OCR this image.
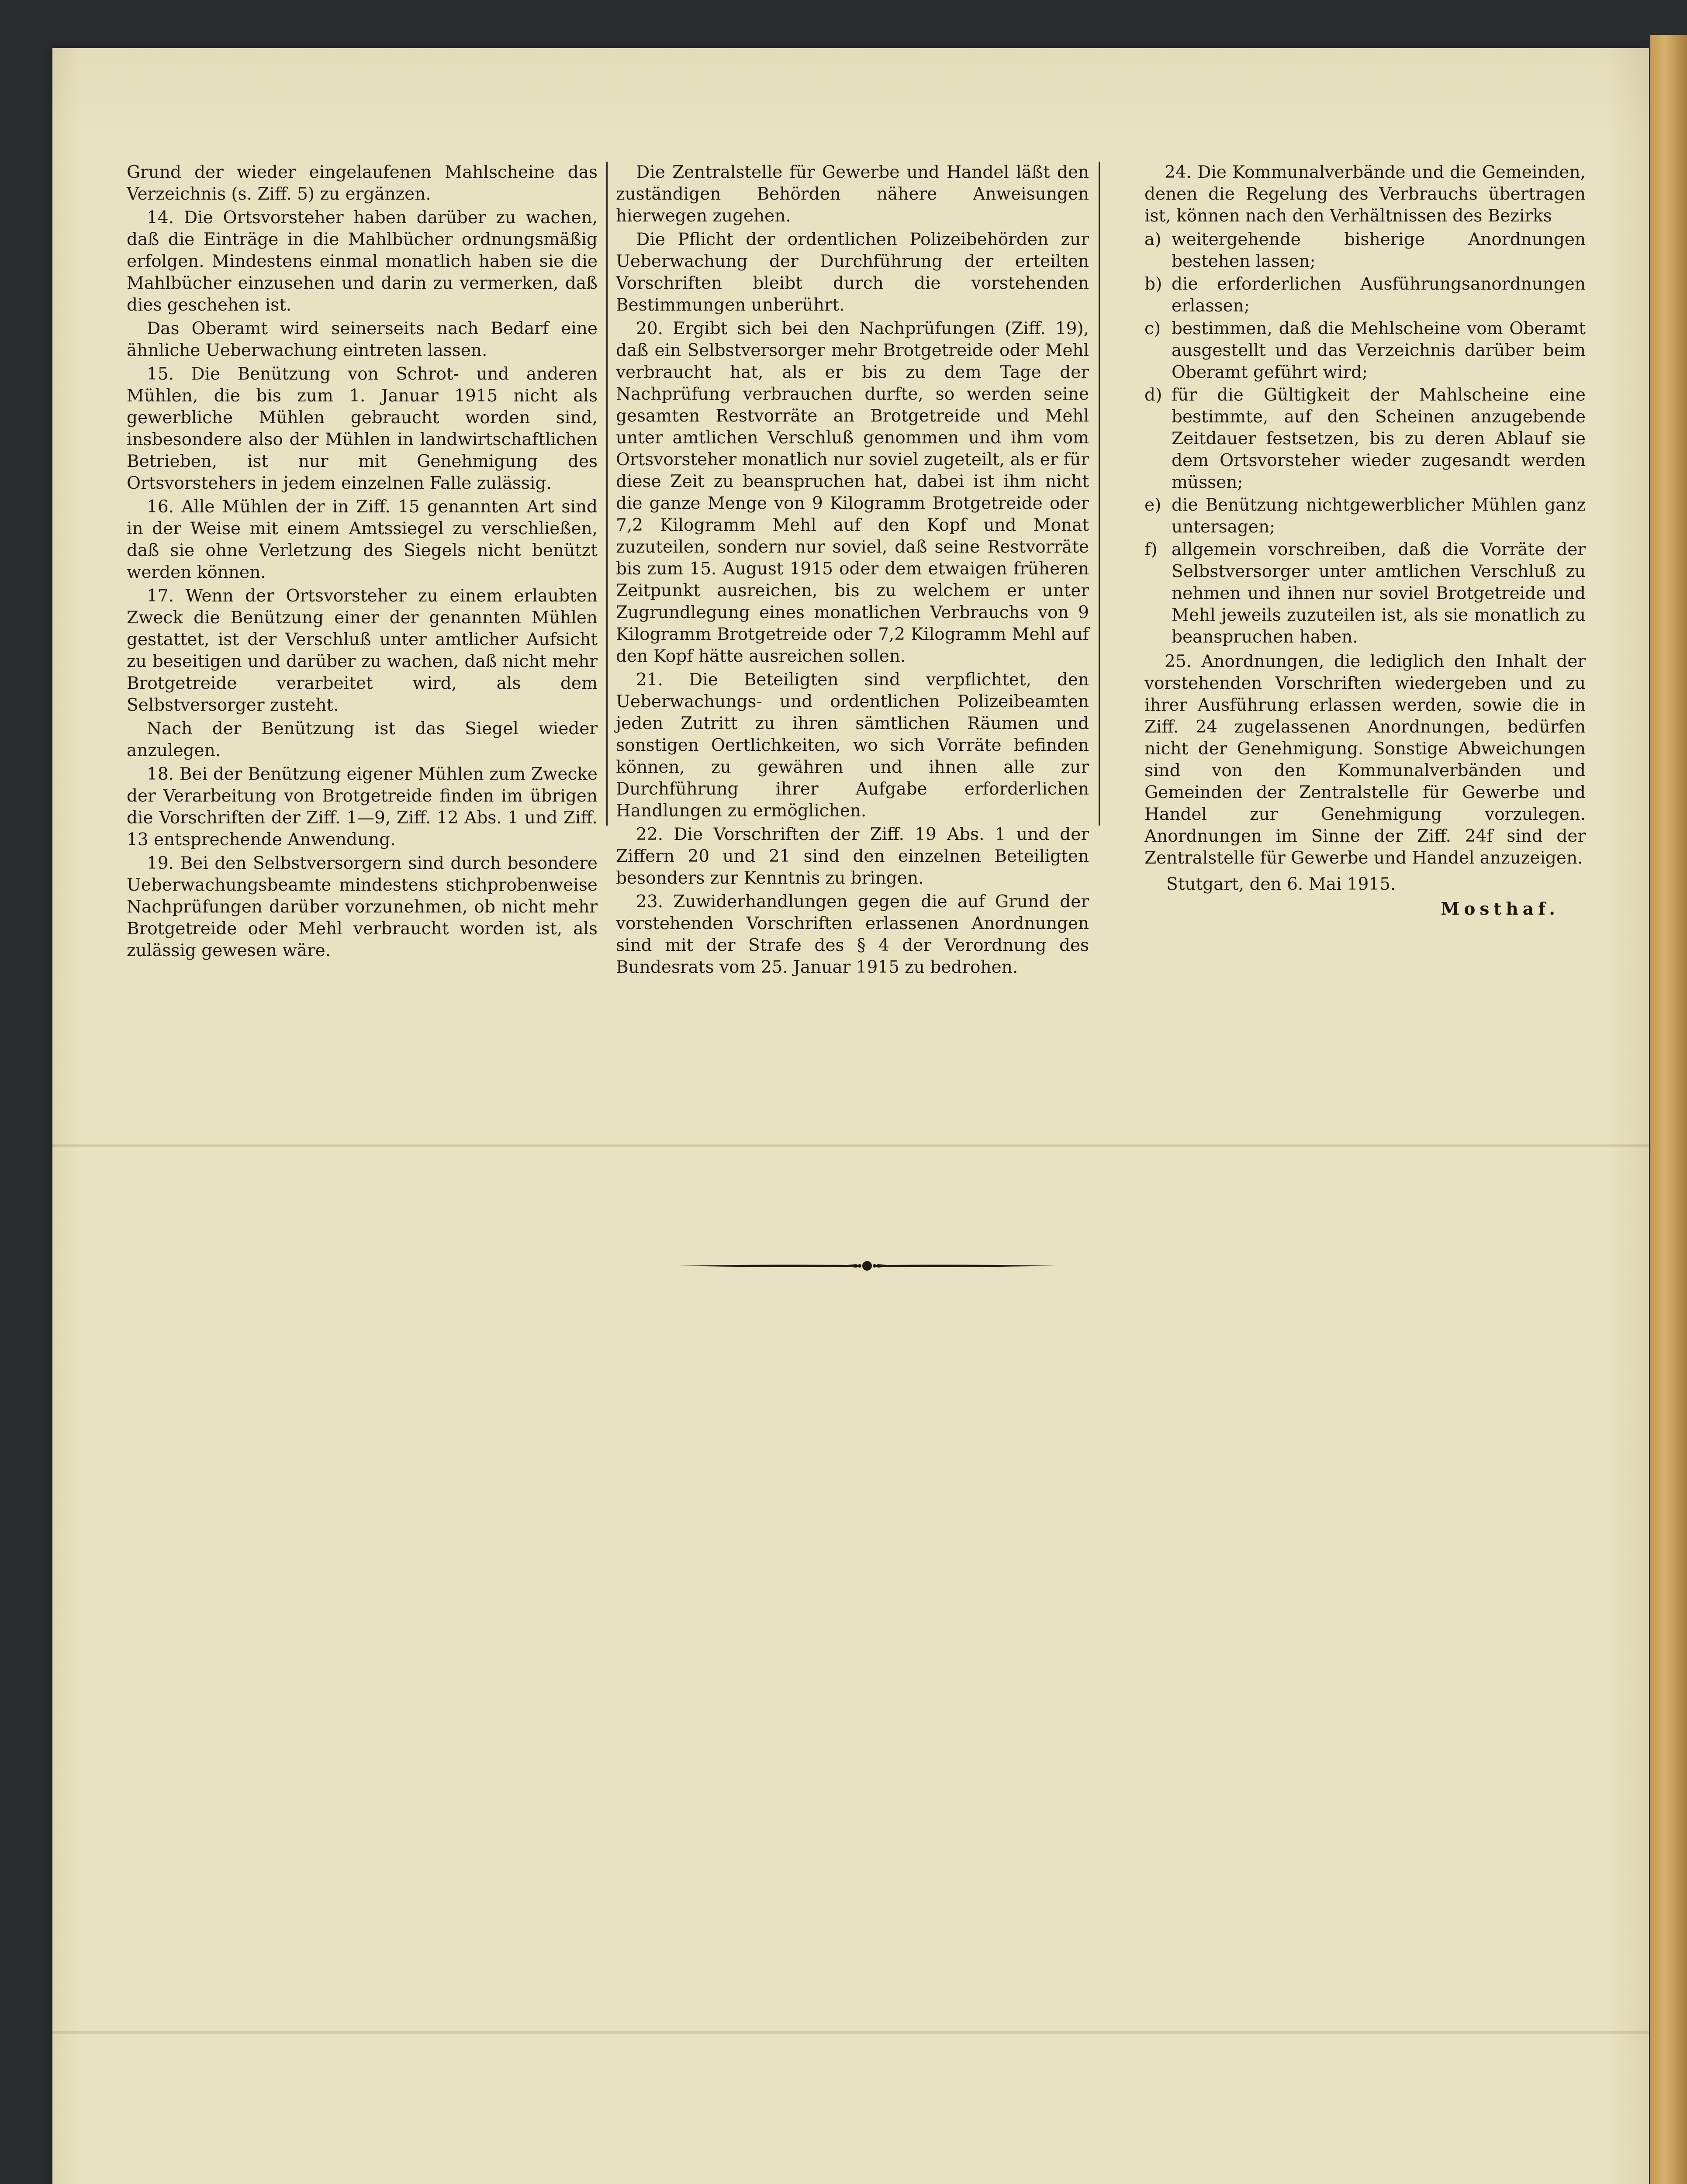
Grund der wieder eingelaufenen Mahlscheine das Verzeichnis (s. Ziff. 5) zu ergänzen.

14. Die Ortsvorsteher haben darüber zu wachen, daß die Einträge in die Mahlbücher ordnungsmäßig erfolgen. Mindestens einmal monatlich haben sie die Mahlbücher einzusehen und darin zu vermerken, daß dies geschehen ist.

Das Oberamt wird seinerseits nach Bedarf eine ähnliche Ueberwachung eintreten lassen.

15. Die Benützung von Schrot- und anderen Mühlen, die bis zum 1. Januar 1915 nicht als gewerbliche Mühlen gebraucht worden sind, insbesondere also der Mühlen in landwirtschaftlichen Betrieben, ist nur mit Genehmigung des Ortsvorstehers in jedem einzelnen Falle zulässig.

16. Alle Mühlen der in Ziff. 15 genannten Art sind in der Weise mit einem Amtssiegel zu verschließen, daß sie ohne Verletzung des Siegels nicht benützt werden können.

17. Wenn der Ortsvorsteher zu einem erlaubten Zweck die Benützung einer der genannten Mühlen gestattet, ist der Verschluß unter amtlicher Aufsicht zu beseitigen und darüber zu wachen, daß nicht mehr Brotgetreide verarbeitet wird, als dem Selbstversorger zusteht.

Nach der Benützung ist das Siegel wieder anzulegen.

18. Bei der Benützung eigener Mühlen zum Zwecke der Verarbeitung von Brotgetreide finden im übrigen die Vorschriften der Ziff. 1—9, Ziff. 12 Abs. 1 und Ziff. 13 entsprechende Anwendung.

19. Bei den Selbstversorgern sind durch besondere Ueberwachungsbeamte mindestens stichprobenweise Nachprüfungen darüber vorzunehmen, ob nicht mehr Brotgetreide oder Mehl verbraucht worden ist, als zulässig gewesen wäre.

Die Zentralstelle für Gewerbe und Handel läßt den zuständigen Behörden nähere Anweisungen hierwegen zugehen.

Die Pflicht der ordentlichen Polizeibehörden zur Ueberwachung der Durchführung der erteilten Vorschriften bleibt durch die vorstehenden Bestimmungen unberührt.

20. Ergibt sich bei den Nachprüfungen (Ziff. 19), daß ein Selbstversorger mehr Brotgetreide oder Mehl verbraucht hat, als er bis zu dem Tage der Nachprüfung verbrauchen durfte, so werden seine gesamten Restvorräte an Brotgetreide und Mehl unter amtlichen Verschluß genommen und ihm vom Ortsvorsteher monatlich nur soviel zugeteilt, als er für diese Zeit zu beanspruchen hat, dabei ist ihm nicht die ganze Menge von 9 Kilogramm Brotgetreide oder 7,2 Kilogramm Mehl auf den Kopf und Monat zuzuteilen, sondern nur soviel, daß seine Restvorräte bis zum 15. August 1915 oder dem etwaigen früheren Zeitpunkt ausreichen, bis zu welchem er unter Zugrundlegung eines monatlichen Verbrauchs von 9 Kilogramm Brotgetreide oder 7,2 Kilogramm Mehl auf den Kopf hätte ausreichen sollen.

21. Die Beteiligten sind verpflichtet, den Ueberwachungs- und ordentlichen Polizeibeamten jeden Zutritt zu ihren sämtlichen Räumen und sonstigen Oertlichkeiten, wo sich Vorräte befinden können, zu gewähren und ihnen alle zur Durchführung ihrer Aufgabe erforderlichen Handlungen zu ermöglichen.

22. Die Vorschriften der Ziff. 19 Abs. 1 und der Ziffern 20 und 21 sind den einzelnen Beteiligten besonders zur Kenntnis zu bringen.

23. Zuwiderhandlungen gegen die auf Grund der vorstehenden Vorschriften erlassenen Anordnungen sind mit der Strafe des § 4 der Verordnung des Bundesrats vom 25. Januar 1915 zu bedrohen.

24. Die Kommunalverbände und die Gemeinden, denen die Regelung des Verbrauchs übertragen ist, können nach den Verhältnissen des Bezirks

a) weitergehende bisherige Anordnungen bestehen lassen;
b) die erforderlichen Ausführungsanordnungen erlassen;
c) bestimmen, daß die Mehlscheine vom Oberamt ausgestellt und das Verzeichnis darüber beim Oberamt geführt wird;
d) für die Gültigkeit der Mahlscheine eine bestimmte, auf den Scheinen anzugebende Zeitdauer festsetzen, bis zu deren Ablauf sie dem Ortsvorsteher wieder zugesandt werden müssen;
e) die Benützung nichtgewerblicher Mühlen ganz untersagen;
f) allgemein vorschreiben, daß die Vorräte der Selbstversorger unter amtlichen Verschluß zu nehmen und ihnen nur soviel Brotgetreide und Mehl jeweils zuzuteilen ist, als sie monatlich zu beanspruchen haben.

25. Anordnungen, die lediglich den Inhalt der vorstehenden Vorschriften wiedergeben und zu ihrer Ausführung erlassen werden, sowie die in Ziff. 24 zugelassenen Anordnungen, bedürfen nicht der Genehmigung. Sonstige Abweichungen sind von den Kommunalverbänden und Gemeinden der Zentralstelle für Gewerbe und Handel zur Genehmigung vorzulegen. Anordnungen im Sinne der Ziff. 24f sind der Zentralstelle für Gewerbe und Handel anzuzeigen.

Stutgart, den 6. Mai 1915.
Mosthaf.
